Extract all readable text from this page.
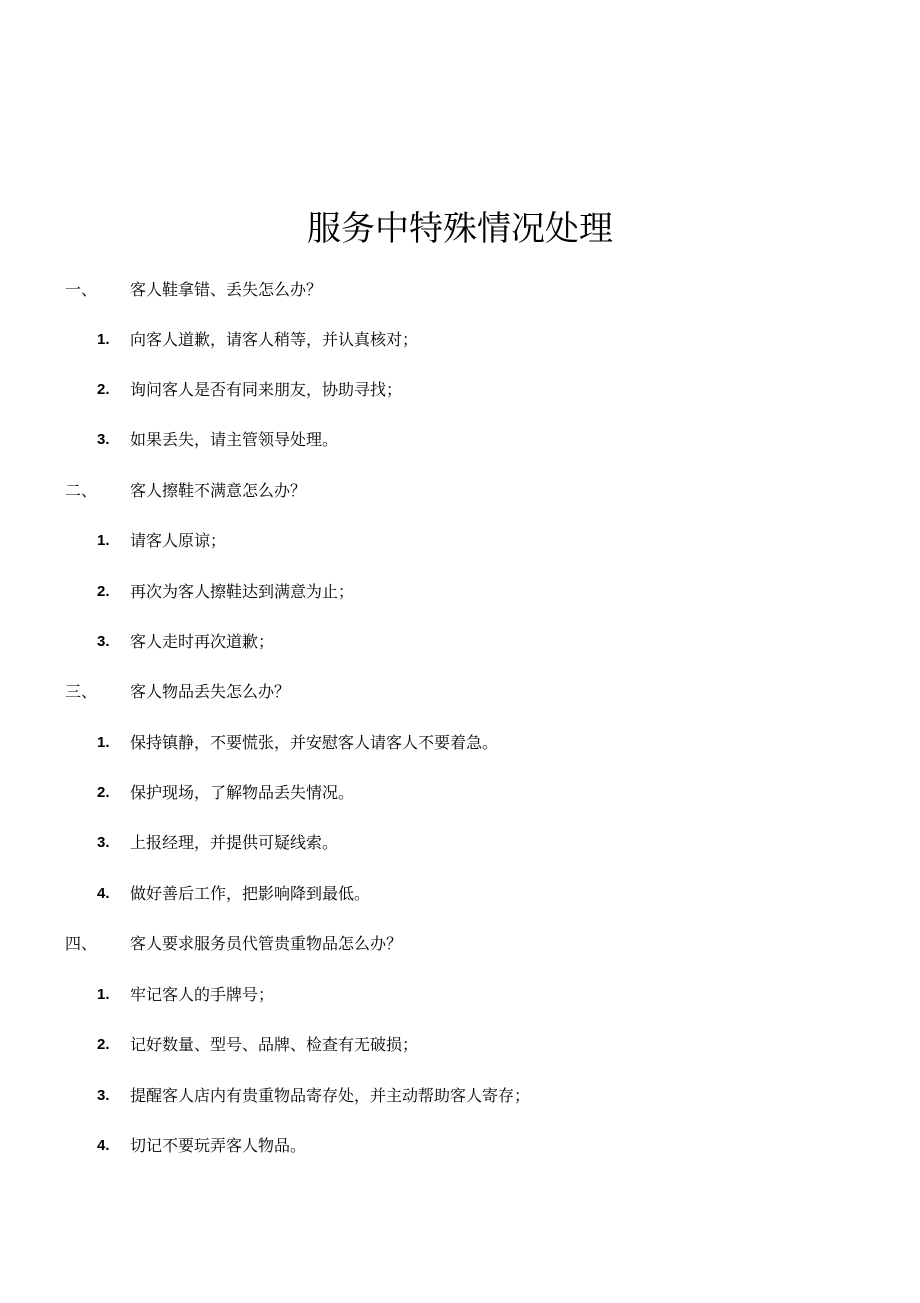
服务中特殊情况处理
一、 客人鞋拿错、丢失怎么办？
1. 向客人道歉，请客人稍等，并认真核对；
2. 询问客人是否有同来朋友，协助寻找；
3. 如果丢失，请主管领导处理。
二、 客人擦鞋不满意怎么办？
1. 请客人原谅；
2. 再次为客人擦鞋达到满意为止；
3. 客人走时再次道歉；
三、 客人物品丢失怎么办？
1. 保持镇静，不要慌张，并安慰客人请客人不要着急。
2. 保护现场，了解物品丢失情况。
3. 上报经理，并提供可疑线索。
4. 做好善后工作，把影响降到最低。
四、 客人要求服务员代管贵重物品怎么办？
1. 牢记客人的手牌号；
2. 记好数量、型号、品牌、检查有无破损；
3. 提醒客人店内有贵重物品寄存处，并主动帮助客人寄存；
4. 切记不要玩弄客人物品。
